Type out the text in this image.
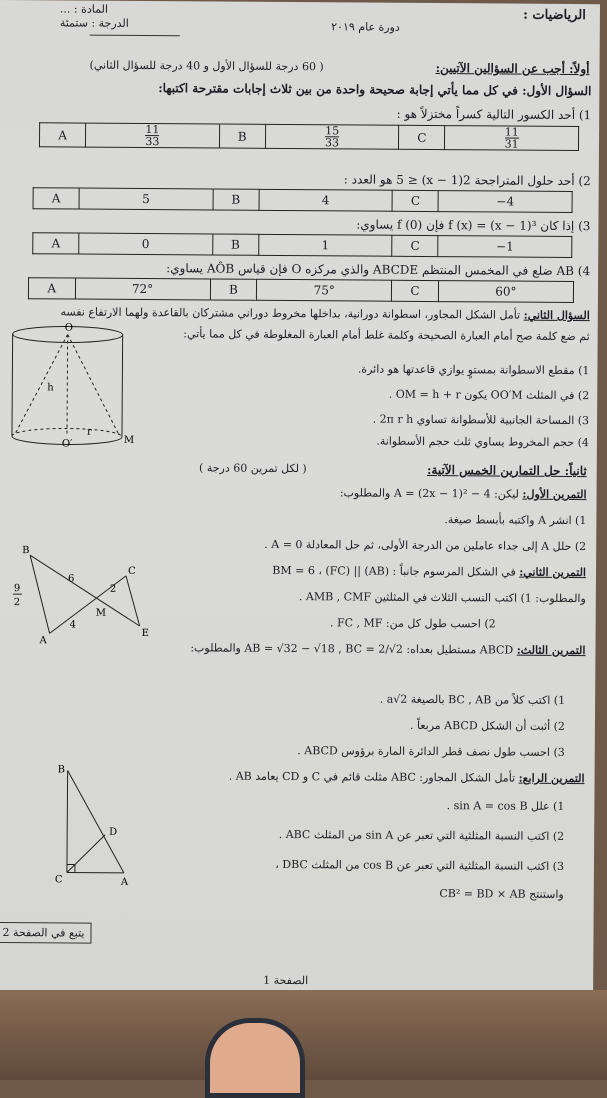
الرياضيات :
دورة عام ٢٠١٩
المادة : ...
الدرجة : ستمئة
أولاً: أجب عن السؤالين الآتيين:
( 60 درجة للسؤال الأول و 40 درجة للسؤال الثاني)
السؤال الأول: في كل مما يأتي إجابة صحيحة واحدة من بين ثلاث إجابات مقترحة اكتبها:
1) أحد الكسور التالية كسراً مختزلاً هو :
A	$\frac{11}{33}$	B	$\frac{15}{33}$	C	$\frac{11}{31}$
2) أحد حلول المتراجحة 2(x − 1) ≤ 5 هو العدد :
A	5	B	4	C	−4
3) إذا كان f (x) = (x − 1)³ فإن f (0) يساوي:
A	0	B	1	C	−1
4) AB ضلع في المخمس المنتظم ABCDE والذي مركزه O فإن قياس AÔB يساوي:
A	72°	B	75°	C	60°
السؤال الثاني: تأمل الشكل المجاور، اسطوانة دورانية، بداخلها مخروط دوراني مشتركان بالقاعدة ولهما الارتفاع نفسه
ثم ضع كلمة صح أمام العبارة الصحيحة وكلمة غلط أمام العبارة المغلوطة في كل مما يأتي:
1) مقطع الاسطوانة بمستوٍ يوازي قاعدتها هو دائرة.
2) في المثلث OO′M يكون OM = h + r .
3) المساحة الجانبية للأسطوانة تساوي 2π r h .
4) حجم المخروط يساوي ثلث حجم الأسطوانة.
O
h
r
O′	M
ثانياً: حل التمارين الخمس الآتية:
( لكل تمرين 60 درجة )
التمرين الأول: ليكن: A = (2x − 1)² − 4 والمطلوب:
1) انشر A واكتبه بأبسط صيغة.
2) حلل A إلى جداء عاملين من الدرجة الأولى، ثم حل المعادلة A = 0 .
التمرين الثاني: في الشكل المرسوم جانباً : BM = 6 ، (FC) || (AB)
والمطلوب: 1) اكتب النسب الثلاث في المثلثين AMB , CMF .
2) احسب طول كل من: FC , MF .
B
C
M
A
E
6
2
4
9
2
التمرين الثالث: ABCD مستطيل بعداه: AB = √32 − √18 , BC = 2/√2 والمطلوب:
1) اكتب كلاً من BC , AB بالصيغة a√2 .
2) أثبت أن الشكل ABCD مربعاً .
3) احسب طول نصف قطر الدائرة المارة برؤوس ABCD .
التمرين الرابع: تأمل الشكل المجاور: ABC مثلث قائم في C و CD يعامد AB .
1) علل sin A = cos B .
2) اكتب النسبة المثلثية التي تعبر عن sin A من المثلث ABC .
3) اكتب النسبة المثلثية التي تعبر عن cos B من المثلث DBC ،
واستنتج CB² = BD × AB
B
D
C	A
يتبع في الصفحة 2
الصفحة 1
